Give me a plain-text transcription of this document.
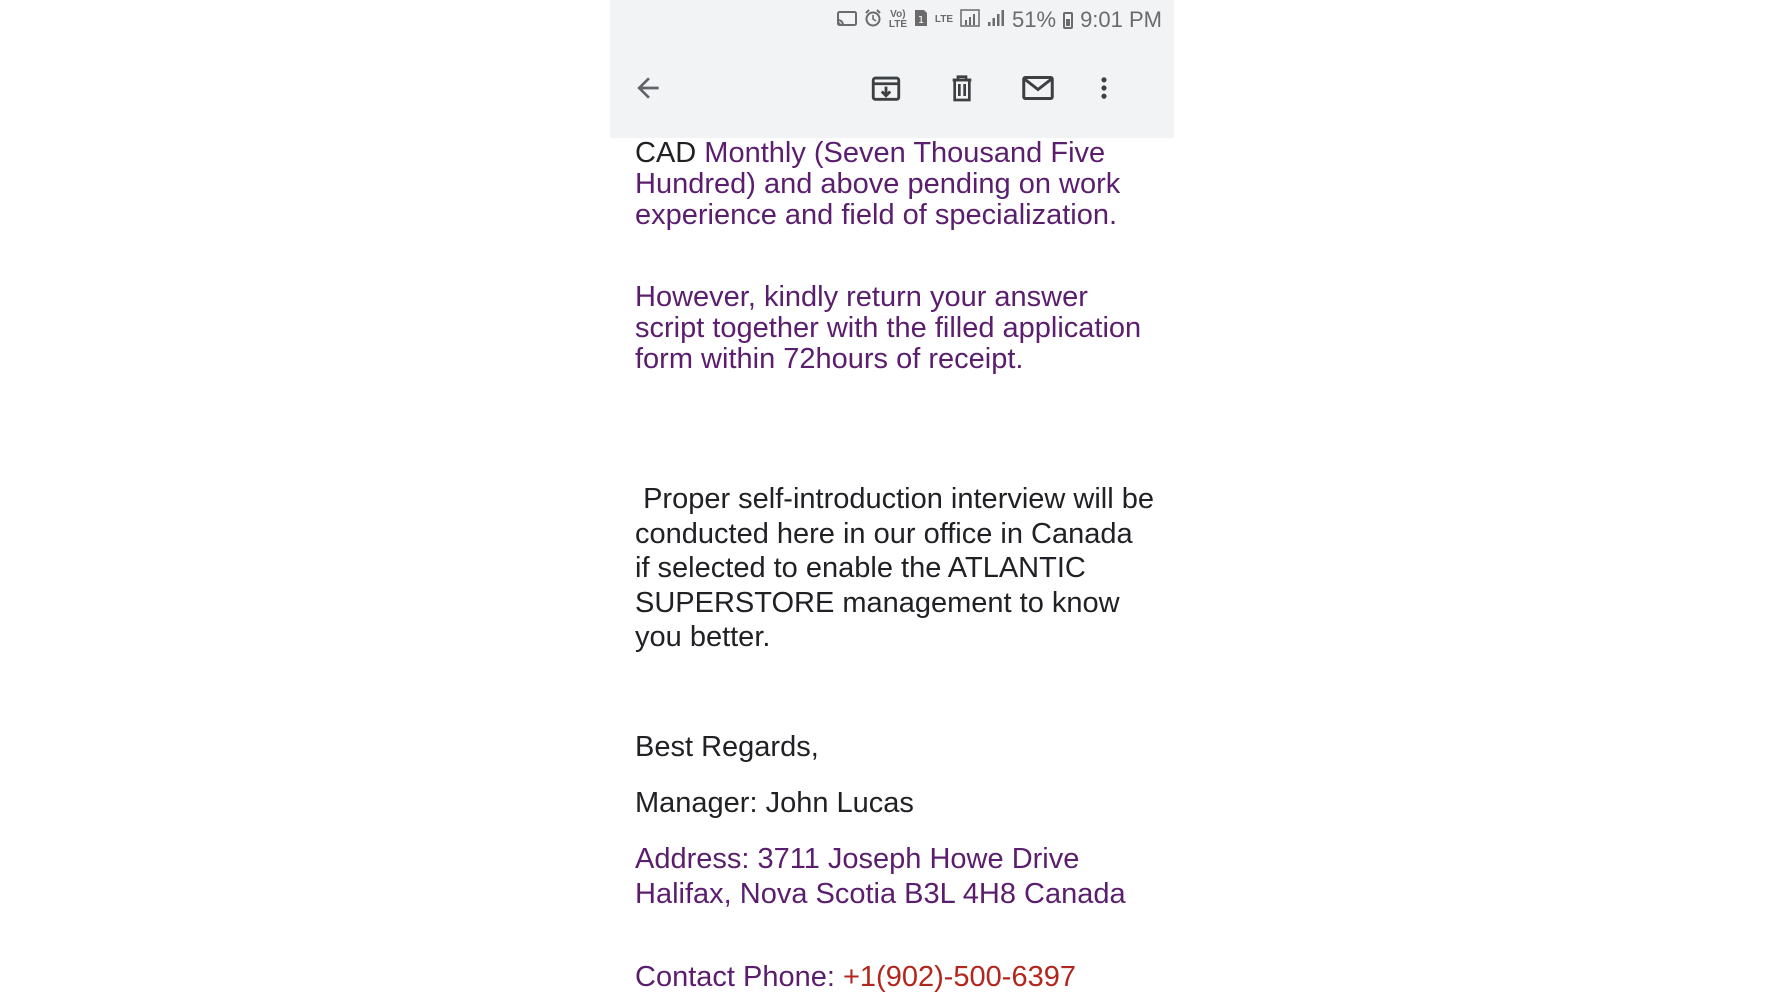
Vo) LTE 1 LTE	51% 9:01 PM

CAD Monthly (Seven Thousand Five Hundred) and above pending on work experience and field of specialization.

However, kindly return your answer script together with the filled application form within 72hours of receipt.

Proper self-introduction interview will be conducted here in our office in Canada if selected to enable the ATLANTIC SUPERSTORE management to know you better.

Best Regards,

Manager: John Lucas

Address: 3711 Joseph Howe Drive Halifax, Nova Scotia B3L 4H8 Canada

Contact Phone: +1(902)-500-6397
